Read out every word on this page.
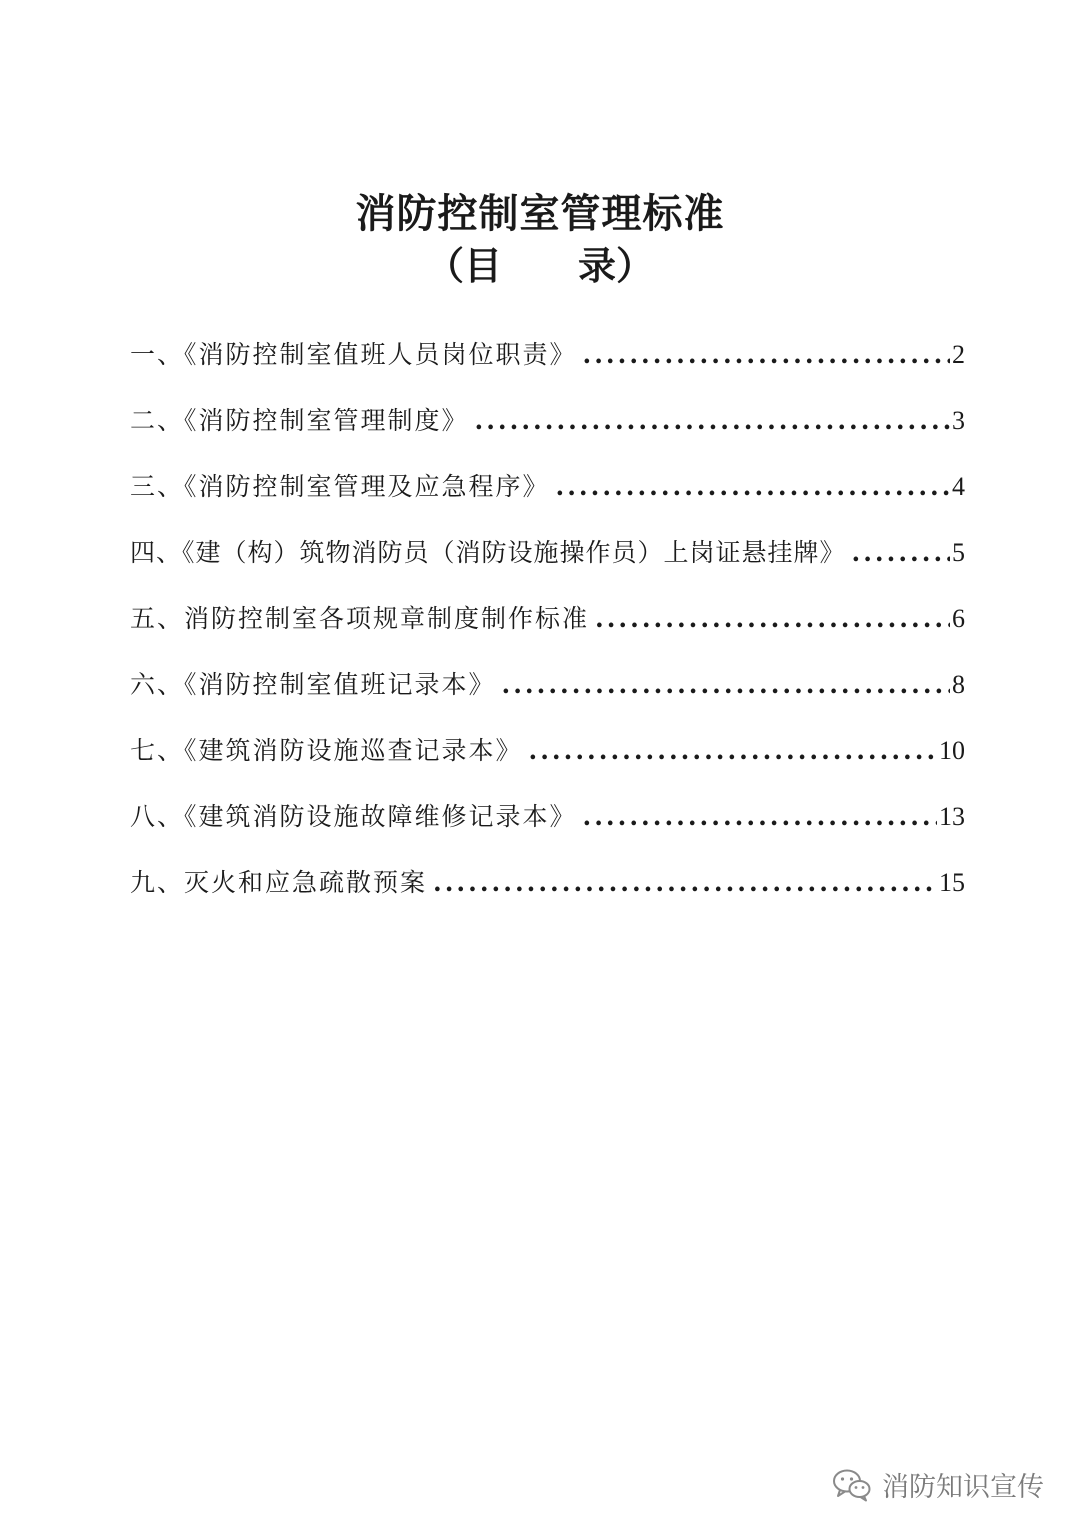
消防控制室管理标准
（目　　录）
一、《消防控制室值班人员岗位职责》 .....	2
二、《消防控制室管理制度》 .....	3
三、《消防控制室管理及应急程序》 .....	4
四、《建（构）筑物消防员（消防设施操作员）上岗证悬挂牌》 .....	5
五、消防控制室各项规章制度制作标准 .....	6
六、《消防控制室值班记录本》 .....	8
七、《建筑消防设施巡查记录本》 .....	10
八、《建筑消防设施故障维修记录本》 .....	13
九、灭火和应急疏散预案 .....	15
消防知识宣传
